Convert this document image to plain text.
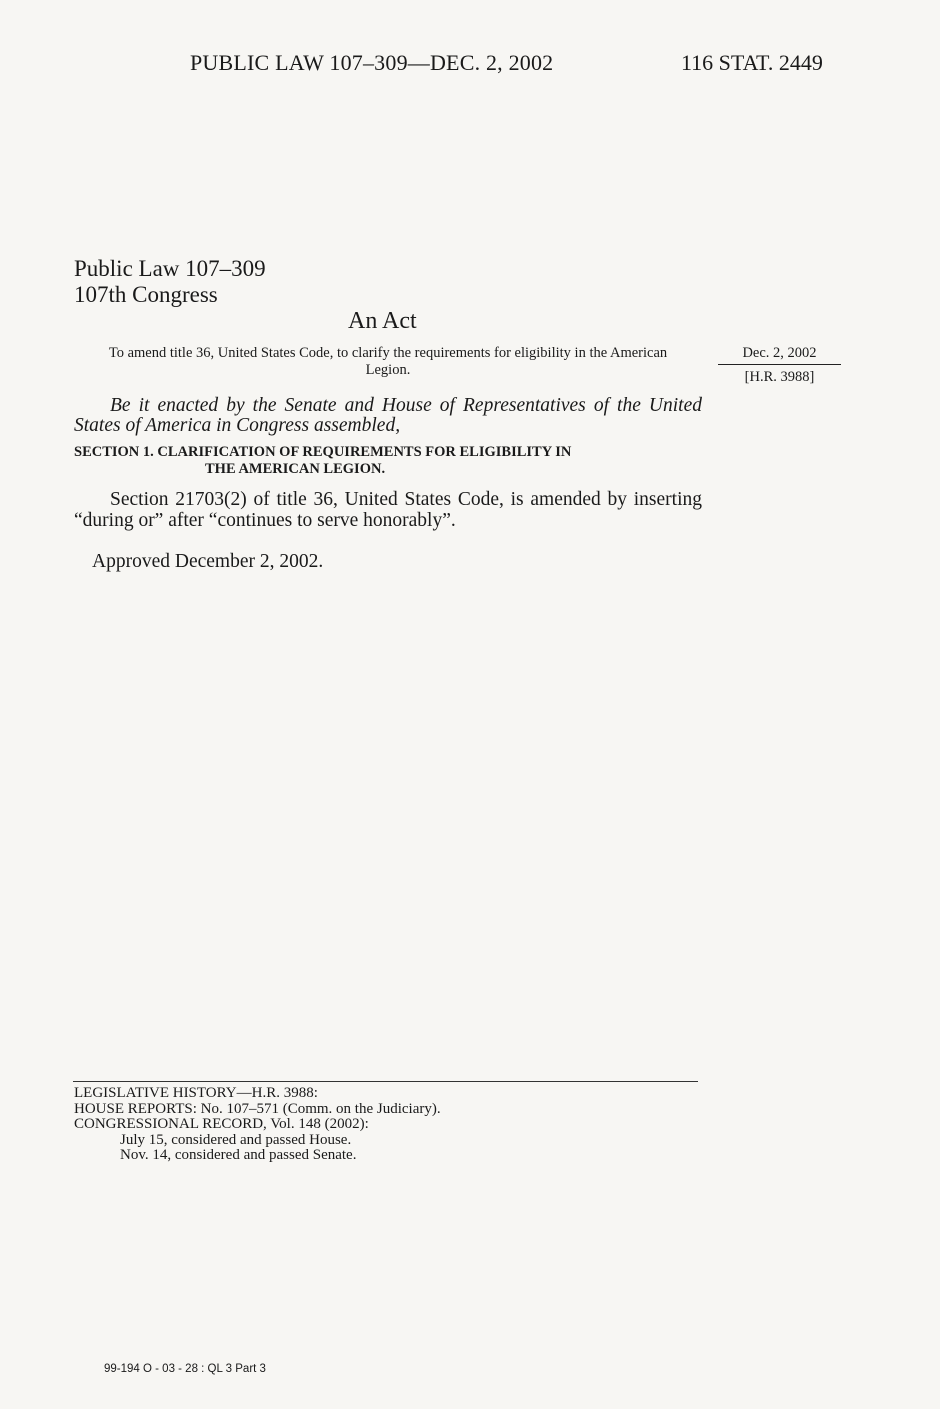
PUBLIC LAW 107–309—DEC. 2, 2002	116 STAT. 2449
Public Law 107–309
107th Congress
An Act
To amend title 36, United States Code, to clarify the requirements for eligibility in the American Legion.
Dec. 2, 2002
[H.R. 3988]
Be it enacted by the Senate and House of Representatives of the United States of America in Congress assembled,
SECTION 1. CLARIFICATION OF REQUIREMENTS FOR ELIGIBILITY IN
THE AMERICAN LEGION.
Section 21703(2) of title 36, United States Code, is amended by inserting “during or” after “continues to serve honorably”.
Approved December 2, 2002.
LEGISLATIVE HISTORY—H.R. 3988:
HOUSE REPORTS: No. 107–571 (Comm. on the Judiciary).
CONGRESSIONAL RECORD, Vol. 148 (2002):
July 15, considered and passed House.
Nov. 14, considered and passed Senate.
99-194 O - 03 - 28 : QL 3 Part 3
